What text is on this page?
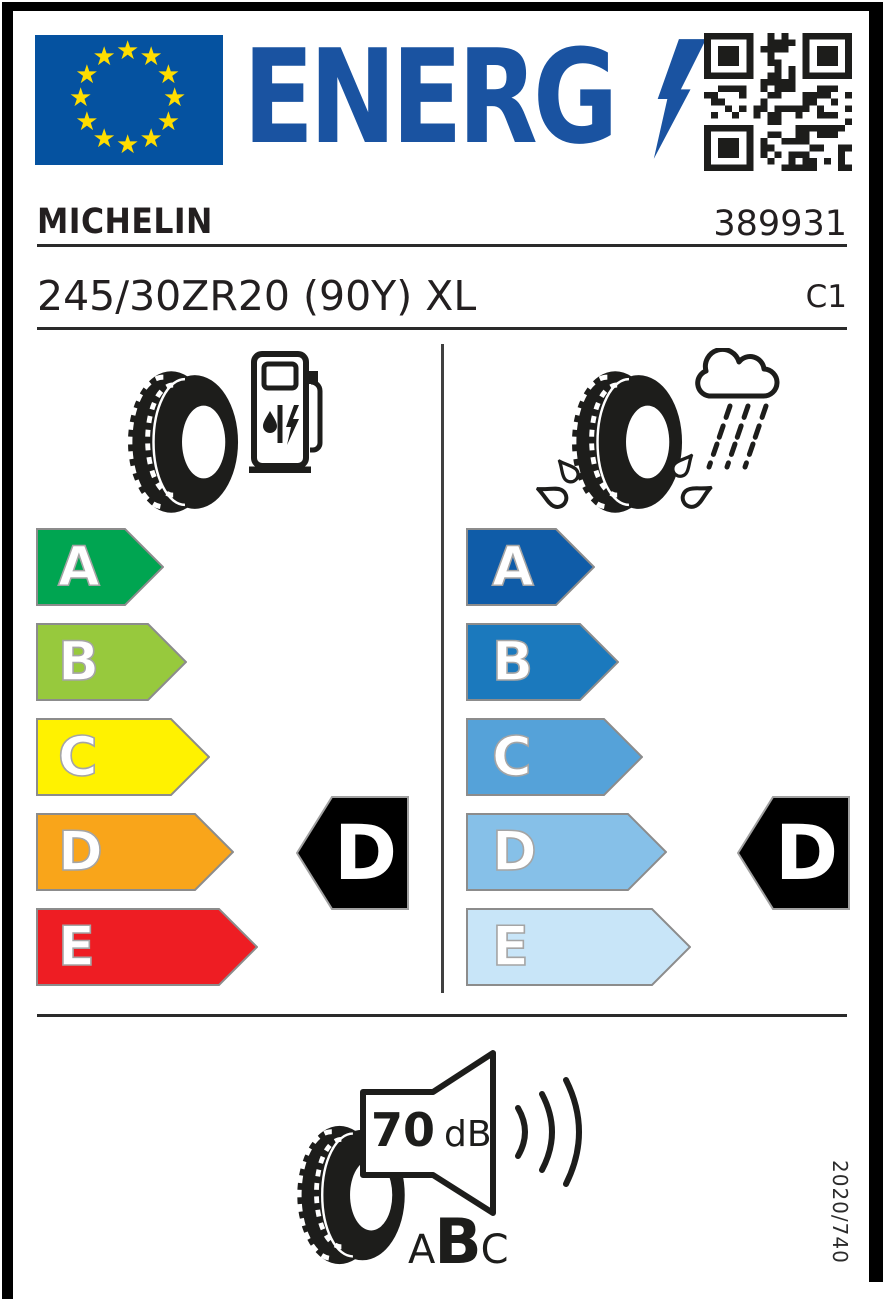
★ ★
★
★
★
★
★
★
★
★
★
★ ENERG
MICHELIN	389931
245/30ZR20 (90Y) XL	C1
A
B
C
D
E
A
B
C
D
E
D	D
70 dB
A B C	2020/740
